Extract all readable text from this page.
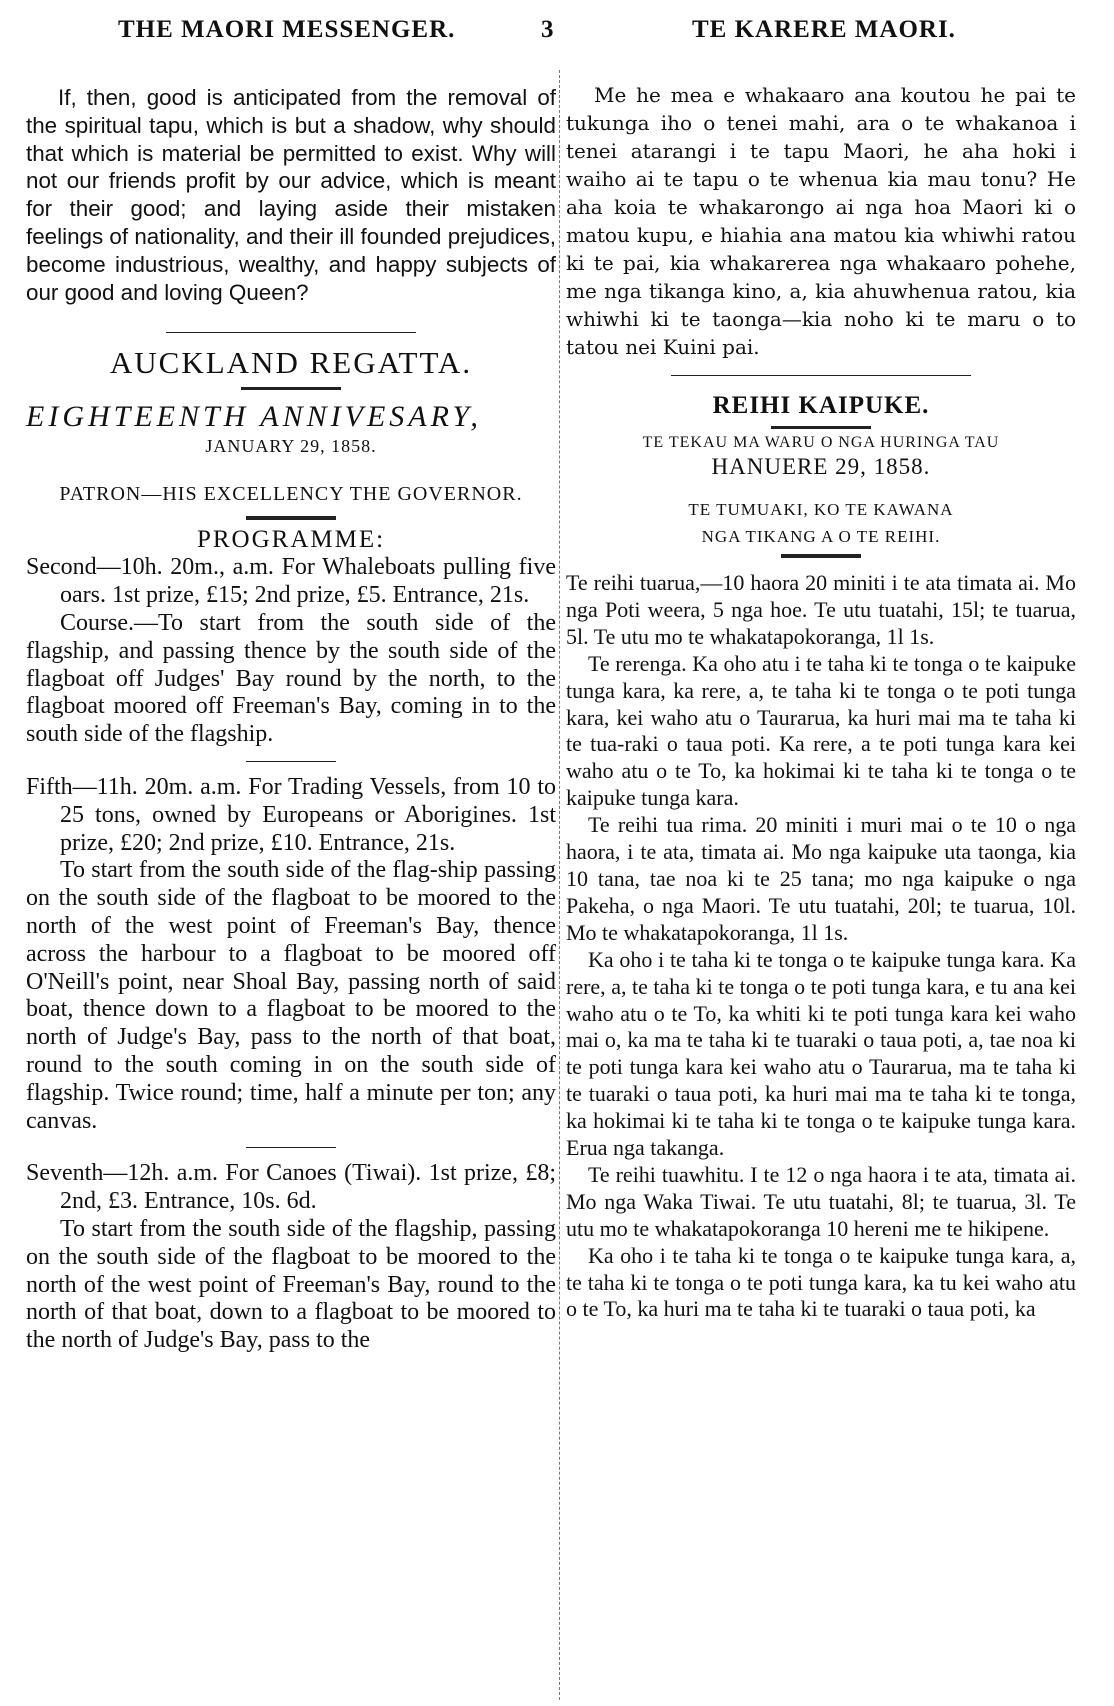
THE MAORI MESSENGER.	3	TE KARERE MAORI.

If, then, good is anticipated from the removal of the spiritual tapu, which is but a shadow, why should that which is material be permitted to exist. Why will not our friends profit by our advice, which is meant for their good; and laying aside their mistaken feelings of nationality, and their ill founded prejudices, become industrious, wealthy, and happy subjects of our good and loving Queen?

AUCKLAND REGATTA.
EIGHTEENTH ANNIVESARY,
JANUARY 29, 1858.
PATRON—HIS EXCELLENCY THE GOVERNOR.
PROGRAMME:

Second—10h. 20m., a.m. For Whaleboats pulling five oars. 1st prize, £15; 2nd prize, £5. Entrance, 21s.

Course.—To start from the south side of the flagship, and passing thence by the south side of the flagboat off Judges' Bay round by the north, to the flagboat moored off Freeman's Bay, coming in to the south side of the flagship.

Fifth—11h. 20m. a.m. For Trading Vessels, from 10 to 25 tons, owned by Europeans or Aborigines. 1st prize, £20; 2nd prize, £10. Entrance, 21s.

To start from the south side of the flag-ship passing on the south side of the flagboat to be moored to the north of the west point of Freeman's Bay, thence across the harbour to a flagboat to be moored off O'Neill's point, near Shoal Bay, passing north of said boat, thence down to a flagboat to be moored to the north of Judge's Bay, pass to the north of that boat, round to the south coming in on the south side of flagship. Twice round; time, half a minute per ton; any canvas.

Seventh—12h. a.m. For Canoes (Tiwai). 1st prize, £8; 2nd, £3. Entrance, 10s. 6d.

To start from the south side of the flagship, passing on the south side of the flagboat to be moored to the north of the west point of Freeman's Bay, round to the north of that boat, down to a flagboat to be moored to the north of Judge's Bay, pass to the

Me he mea e whakaaro ana koutou he pai te tukunga iho o tenei mahi, ara o te whakanoa i tenei atarangi i te tapu Maori, he aha hoki i waiho ai te tapu o te whenua kia mau tonu? He aha koia te whakarongo ai nga hoa Maori ki o matou kupu, e hiahia ana matou kia whiwhi ratou ki te pai, kia whakarerea nga whakaaro pohehe, me nga tikanga kino, a, kia ahuwhenua ratou, kia whiwhi ki te taonga—kia noho ki te maru o to tatou nei Kuini pai.

REIHI KAIPUKE.
TE TEKAU MA WARU O NGA HURINGA TAU
HANUERE 29, 1858.
TE TUMUAKI, KO TE KAWANA
NGA TIKANG A O TE REIHI.

Te reihi tuarua,—10 haora 20 miniti i te ata timata ai. Mo nga Poti weera, 5 nga hoe. Te utu tuatahi, 15l; te tuarua, 5l. Te utu mo te whakatapokoranga, 1l 1s.

Te rerenga. Ka oho atu i te taha ki te tonga o te kaipuke tunga kara, ka rere, a, te taha ki te tonga o te poti tunga kara, kei waho atu o Taurarua, ka huri mai ma te taha ki te tua-raki o taua poti. Ka rere, a te poti tunga kara kei waho atu o te To, ka hokimai ki te taha ki te tonga o te kaipuke tunga kara.

Te reihi tua rima. 20 miniti i muri mai o te 10 o nga haora, i te ata, timata ai. Mo nga kaipuke uta taonga, kia 10 tana, tae noa ki te 25 tana; mo nga kaipuke o nga Pakeha, o nga Maori. Te utu tuatahi, 20l; te tuarua, 10l. Mo te whakatapokoranga, 1l 1s.

Ka oho i te taha ki te tonga o te kaipuke tunga kara. Ka rere, a, te taha ki te tonga o te poti tunga kara, e tu ana kei waho atu o te To, ka whiti ki te poti tunga kara kei waho mai o, ka ma te taha ki te tuaraki o taua poti, a, tae noa ki te poti tunga kara kei waho atu o Taurarua, ma te taha ki te tuaraki o taua poti, ka huri mai ma te taha ki te tonga, ka hokimai ki te taha ki te tonga o te kaipuke tunga kara. Erua nga takanga.

Te reihi tuawhitu. I te 12 o nga haora i te ata, timata ai. Mo nga Waka Tiwai. Te utu tuatahi, 8l; te tuarua, 3l. Te utu mo te whakatapokoranga 10 hereni me te hikipene.

Ka oho i te taha ki te tonga o te kaipuke tunga kara, a, te taha ki te tonga o te poti tunga kara, ka tu kei waho atu o te To, ka huri ma te taha ki te tuaraki o taua poti, ka
